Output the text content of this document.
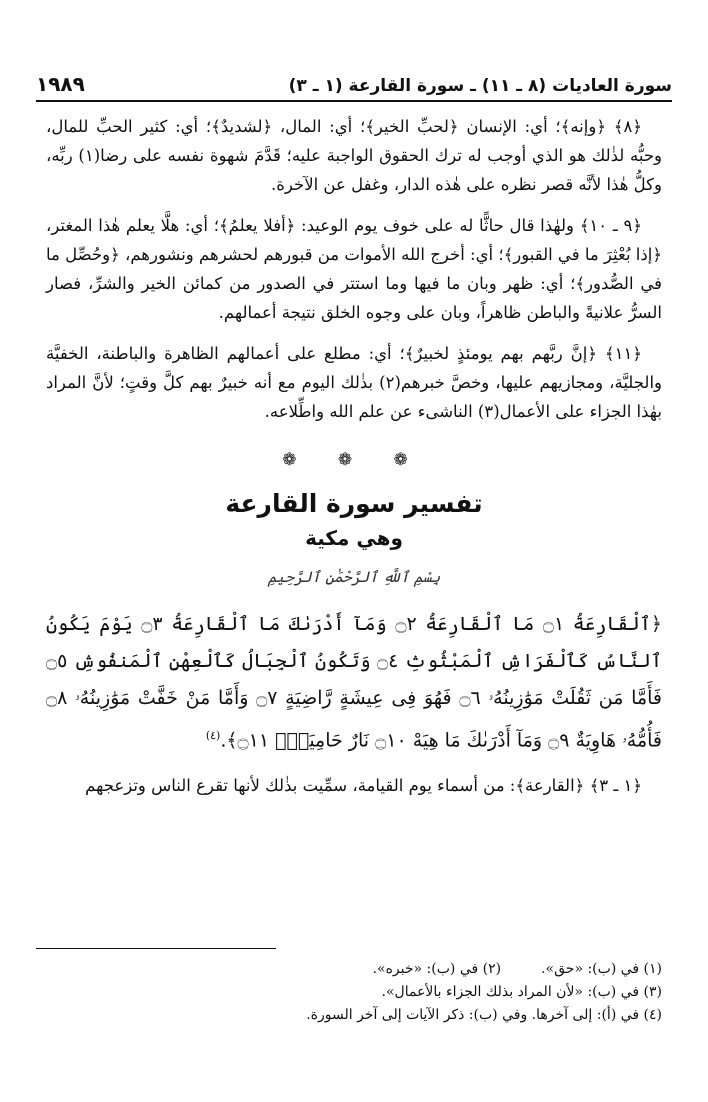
سورة العاديات (٨ ـ ١١) ـ سورة القارعة (١ ـ ٣)
١٩٨٩

﴿٨﴾ ﴿وإنه﴾؛ أي: الإنسان ﴿لحبِّ الخير﴾؛ أي: المال، ﴿لشديدٌ﴾؛ أي: كثير الحبِّ للمال، وحبُّه لذٰلك هو الذي أوجب له ترك الحقوق الواجبة عليه؛ قَدَّمَ شهوة نفسه على رضا(١) ربِّه، وكلُّ هٰذا لأنَّه قصر نظره على هٰذه الدار، وغفل عن الآخرة.

﴿٩ ـ ١٠﴾ ولهٰذا قال حاثًّا له على خوف يوم الوعيد: ﴿أفلا يعلمُ﴾؛ أي: هلَّا يعلم هٰذا المغتر، ﴿إذا بُعْثِرَ ما في القبور﴾؛ أي: أخرج الله الأموات من قبورهم لحشرهم ونشورهم، ﴿وحُصِّل ما في الصُّدور﴾؛ أي: ظهر وبان ما فيها وما استتر في الصدور من كمائن الخير والشرِّ، فصار السرُّ علانيةً والباطن ظاهراً، وبان على وجوه الخلق نتيجة أعمالهم.

﴿١١﴾ ﴿إنَّ ربَّهم بهم يومئذٍ لخبيرٌ﴾؛ أي: مطلع على أعمالهم الظاهرة والباطنة، الخفيَّة والجليَّة، ومجازيهم عليها، وخصَّ خبرهم(٢) بذٰلك اليوم مع أنه خبيرٌ بهم كلَّ وقتٍ؛ لأنَّ المراد بهٰذا الجزاء على الأعمال(٣) الناشىء عن علم الله واطِّلاعه.

❁ ❁ ❁
تفسير سورة القارعة
وهي مكية
بِسْمِ ٱللَّهِ ٱلرَّحْمَٰنِ ٱلرَّحِيمِ

﴿ٱلْقَارِعَةُ ۝١ مَا ٱلْقَارِعَةُ ۝٢ وَمَآ أَدْرَىٰكَ مَا ٱلْقَارِعَةُ ۝٣ يَوْمَ يَكُونُ ٱلنَّاسُ كَٱلْفَرَاشِ ٱلْمَبْثُوثِ ۝٤ وَتَكُونُ ٱلْجِبَالُ كَٱلْعِهْنِ ٱلْمَنفُوشِ ۝٥ فَأَمَّا مَن ثَقُلَتْ مَوَٰزِينُهُۥ ۝٦ فَهُوَ فِى عِيشَةٍ رَّاضِيَةٍ ۝٧ وَأَمَّا مَنْ خَفَّتْ مَوَٰزِينُهُۥ ۝٨ فَأُمُّهُۥ هَاوِيَةٌ ۝٩ وَمَآ أَدْرَىٰكَ مَا هِيَهْ ۝١٠ نَارٌ حَامِيَةٌۢ ۝١١﴾.$^{(٤)}$

﴿١ ـ ٣﴾ ﴿القارعة﴾: من أسماء يوم القيامة، سمِّيت بذٰلك لأنها تقرع الناس وتزعجهم

(١) في (ب): «حق».

(٢) في (ب): «خبره».

(٣) في (ب): «لأن المراد بذلك الجزاء بالأعمال».

(٤) في (أ): إلى آخرها. وفي (ب): ذكر الآيات إلى آخر السورة.
